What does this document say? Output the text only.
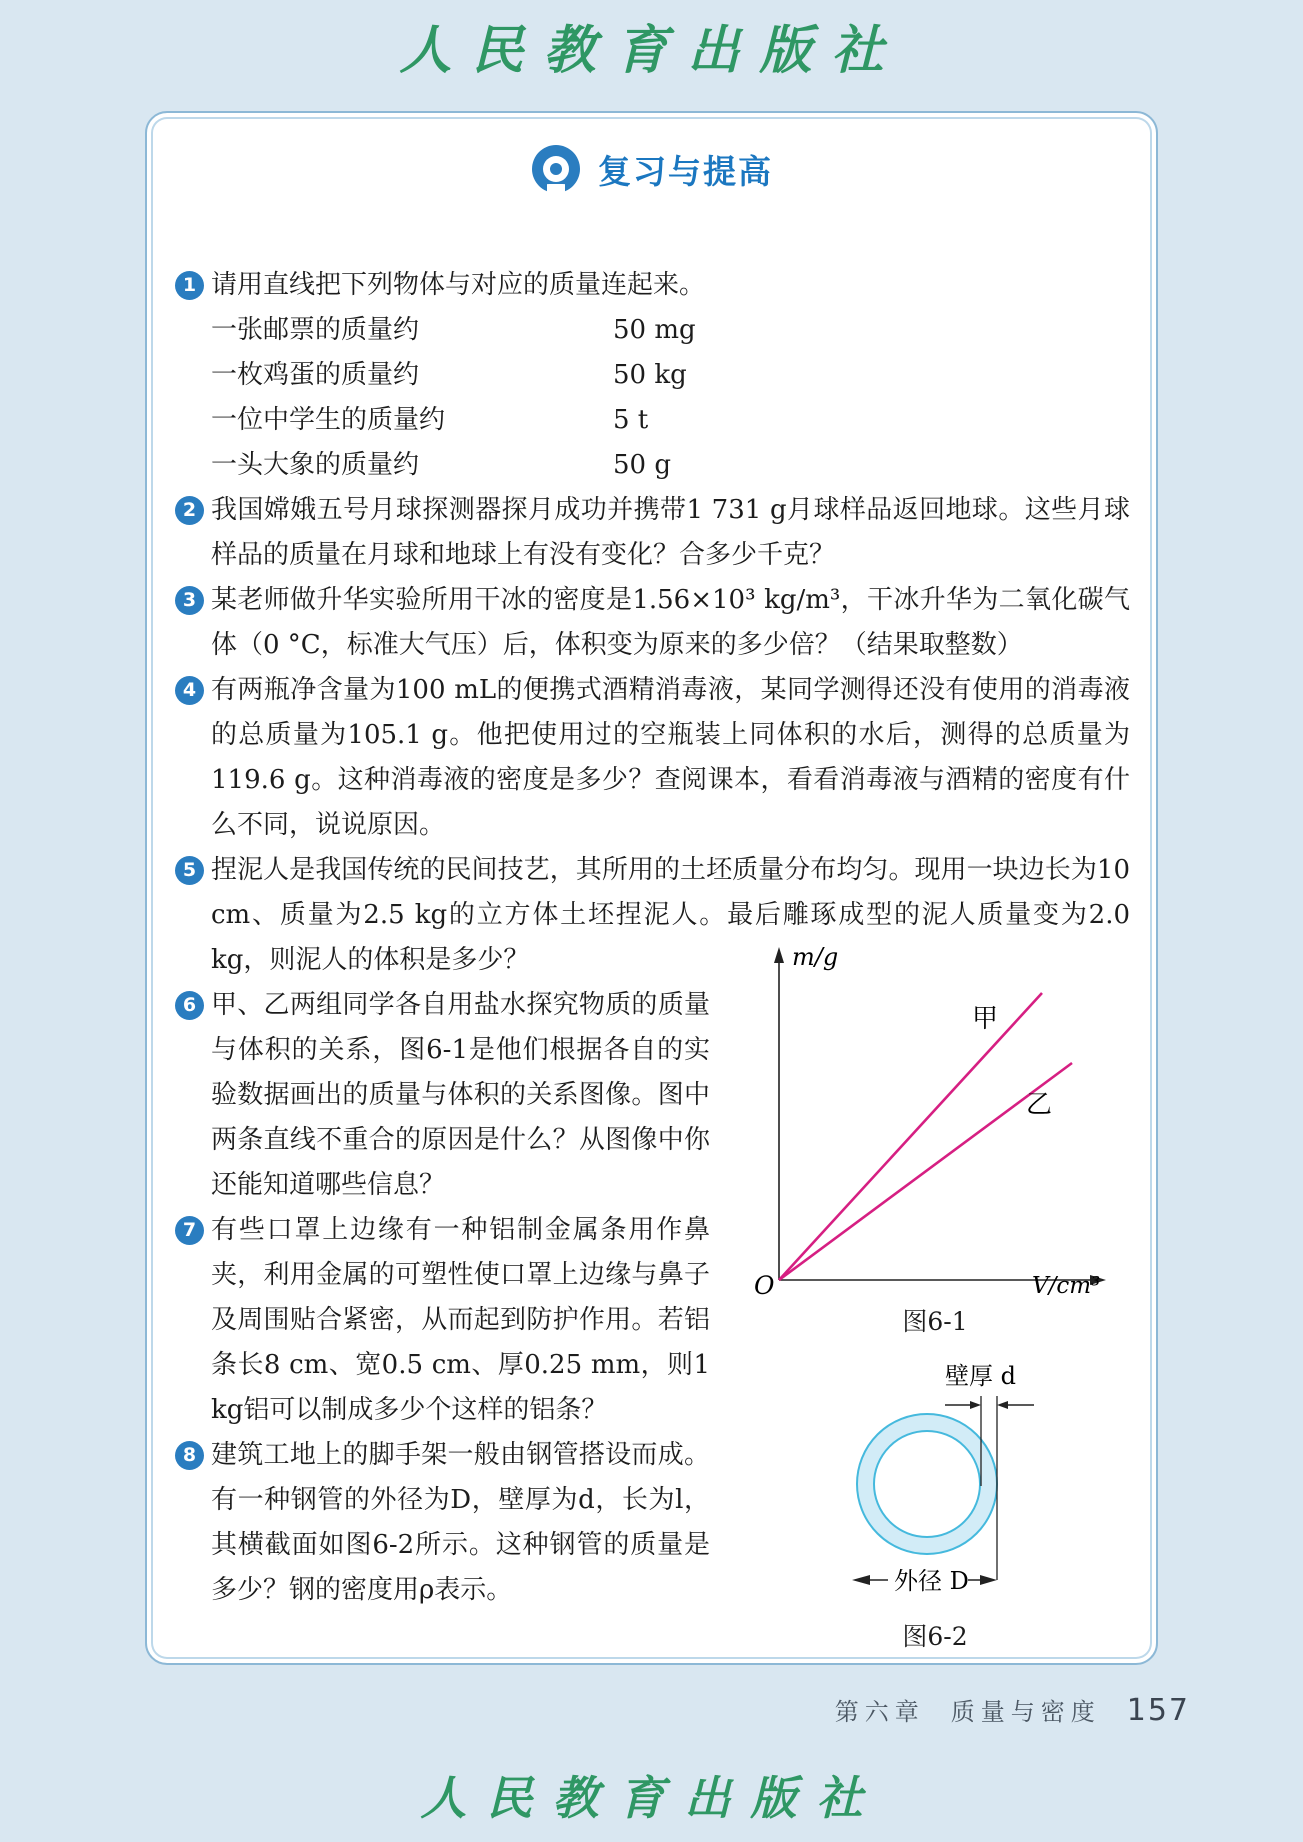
人民教育出版社
复习与提高
1 请用直线把下列物体与对应的质量连起来。
一张邮票的质量约	50 mg
一枚鸡蛋的质量约	50 kg
一位中学生的质量约	5 t
一头大象的质量约	50 g
2 我国嫦娥五号月球探测器探月成功并携带1 731 g月球样品返回地球。这些月球样品的质量在月球和地球上有没有变化？合多少千克？
3 某老师做升华实验所用干冰的密度是1.56×10³ kg/m³，干冰升华为二氧化碳气体（0 °C，标准大气压）后，体积变为原来的多少倍？（结果取整数）
4 有两瓶净含量为100 mL的便携式酒精消毒液，某同学测得还没有使用的消毒液的总质量为105.1 g。他把使用过的空瓶装上同体积的水后，测得的总质量为119.6 g。这种消毒液的密度是多少？查阅课本，看看消毒液与酒精的密度有什么不同，说说原因。
5 捏泥人是我国传统的民间技艺，其所用的土坯质量分布均匀。现用一块边长为10 cm、质量为2.5 kg的立方体土坯捏泥人。最后雕琢成型的泥人质量变为2.0 kg，则泥人的体积是多少？
6 甲、乙两组同学各自用盐水探究物质的质量与体积的关系，图6-1是他们根据各自的实验数据画出的质量与体积的关系图像。图中两条直线不重合的原因是什么？从图像中你还能知道哪些信息？
7 有些口罩上边缘有一种铝制金属条用作鼻夹，利用金属的可塑性使口罩上边缘与鼻子及周围贴合紧密，从而起到防护作用。若铝条长8 cm、宽0.5 cm、厚0.25 mm，则1 kg铝可以制成多少个这样的铝条？
8 建筑工地上的脚手架一般由钢管搭设而成。有一种钢管的外径为D，壁厚为d，长为l，其横截面如图6-2所示。这种钢管的质量是多少？钢的密度用ρ表示。
m/g
V/cm³
O
甲
乙
图6-1
壁厚 d
外径 D
图6-2
第六章 质量与密度 157
人民教育出版社
